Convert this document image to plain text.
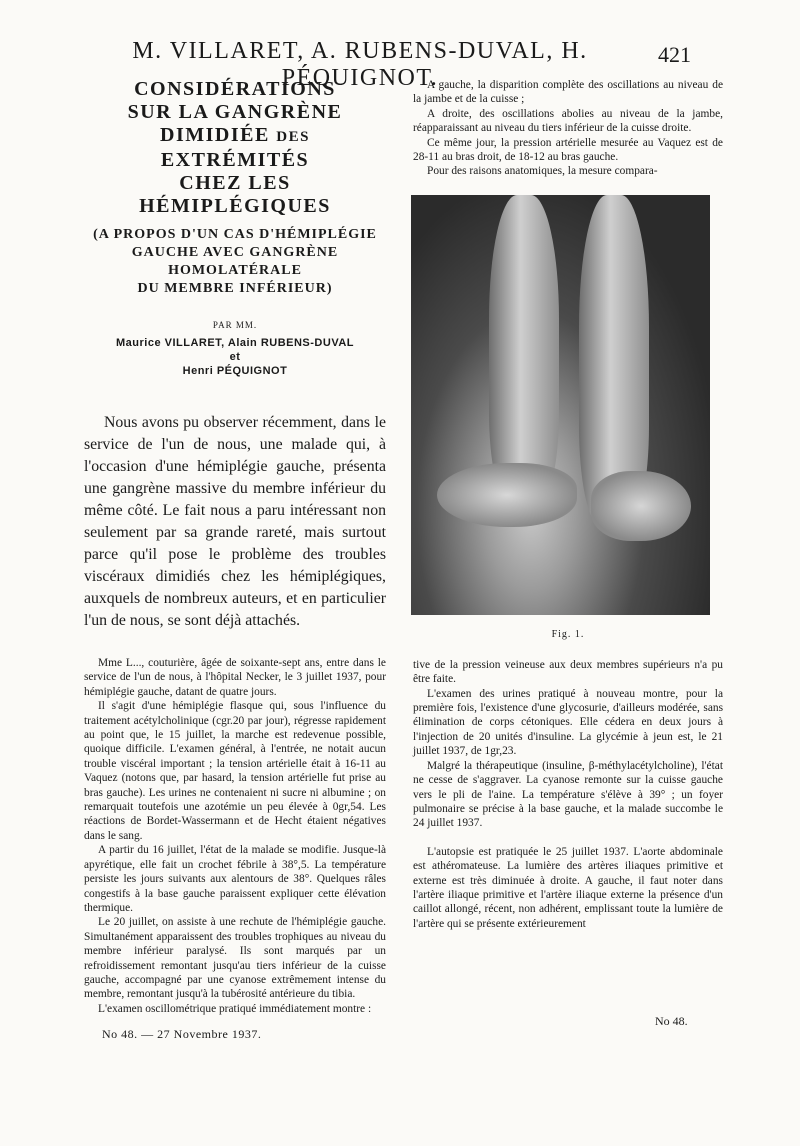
M. VILLARET, A. RUBENS-DUVAL, H. PÉQUIGNOT.
421
CONSIDÉRATIONS
SUR LA GANGRÈNE
DIMIDIÉE DES EXTRÉMITÉS
CHEZ LES HÉMIPLÉGIQUES
(A PROPOS D'UN CAS D'HÉMIPLÉGIE
GAUCHE AVEC GANGRÈNE
HOMOLATÉRALE
DU MEMBRE INFÉRIEUR)
PAR MM.
Maurice VILLARET, Alain RUBENS-DUVAL
et
Henri PÉQUIGNOT

Nous avons pu observer récemment, dans le service de l'un de nous, une malade qui, à l'occasion d'une hémiplégie gauche, présenta une gangrène massive du membre inférieur du même côté. Le fait nous a paru intéressant non seulement par sa grande rareté, mais surtout parce qu'il pose le problème des troubles viscéraux dimidiés chez les hémiplégiques, auxquels de nombreux auteurs, et en particulier l'un de nous, se sont déjà attachés.

Mme L..., couturière, âgée de soixante-sept ans, entre dans le service de l'un de nous, à l'hôpital Necker, le 3 juillet 1937, pour hémiplégie gauche, datant de quatre jours.

Il s'agit d'une hémiplégie flasque qui, sous l'influence du traitement acétylcholinique (cgr.20 par jour), régresse rapidement au point que, le 15 juillet, la marche est redevenue possible, quoique difficile. L'examen général, à l'entrée, ne notait aucun trouble viscéral important ; la tension artérielle était à 16-11 au Vaquez (notons que, par hasard, la tension artérielle fut prise au bras gauche). Les urines ne contenaient ni sucre ni albumine ; on remarquait toutefois une azotémie un peu élevée à 0gr,54. Les réactions de Bordet-Wassermann et de Hecht étaient négatives dans le sang.

A partir du 16 juillet, l'état de la malade se modifie. Jusque-là apyrétique, elle fait un crochet fébrile à 38°,5. La température persiste les jours suivants aux alentours de 38°. Quelques râles congestifs à la base gauche paraissent expliquer cette élévation thermique.

Le 20 juillet, on assiste à une rechute de l'hémiplégie gauche. Simultanément apparaissent des troubles trophiques au niveau du membre inférieur paralysé. Ils sont marqués par un refroidissement remontant jusqu'au tiers inférieur de la cuisse gauche, accompagné par une cyanose extrêmement intense du membre, remontant jusqu'à la tubérosité antérieure du tibia.

L'examen oscillométrique pratiqué immédiatement montre :

A gauche, la disparition complète des oscillations au niveau de la jambe et de la cuisse ;

A droite, des oscillations abolies au niveau de la jambe, réapparaissant au niveau du tiers inférieur de la cuisse droite.

Ce même jour, la pression artérielle mesurée au Vaquez est de 28-11 au bras droit, de 18-12 au bras gauche.

Pour des raisons anatomiques, la mesure compara-

Fig. 1.

tive de la pression veineuse aux deux membres supérieurs n'a pu être faite.

L'examen des urines pratiqué à nouveau montre, pour la première fois, l'existence d'une glycosurie, d'ailleurs modérée, sans élimination de corps cétoniques. Elle cédera en deux jours à l'injection de 20 unités d'insuline. La glycémie à jeun est, le 21 juillet 1937, de 1gr,23.

Malgré la thérapeutique (insuline, β-méthylacétylcholine), l'état ne cesse de s'aggraver. La cyanose remonte sur la cuisse gauche vers le pli de l'aine. La température s'élève à 39° ; un foyer pulmonaire se précise à la base gauche, et la malade succombe le 24 juillet 1937.

L'autopsie est pratiquée le 25 juillet 1937. L'aorte abdominale est athéromateuse. La lumière des artères iliaques primitive et externe est très diminuée à droite. A gauche, il faut noter dans l'artère iliaque primitive et l'artère iliaque externe la présence d'un caillot allongé, récent, non adhérent, emplissant toute la lumière de l'artère qui se présente extérieurement

No 48. — 27 Novembre 1937.
No 48.
